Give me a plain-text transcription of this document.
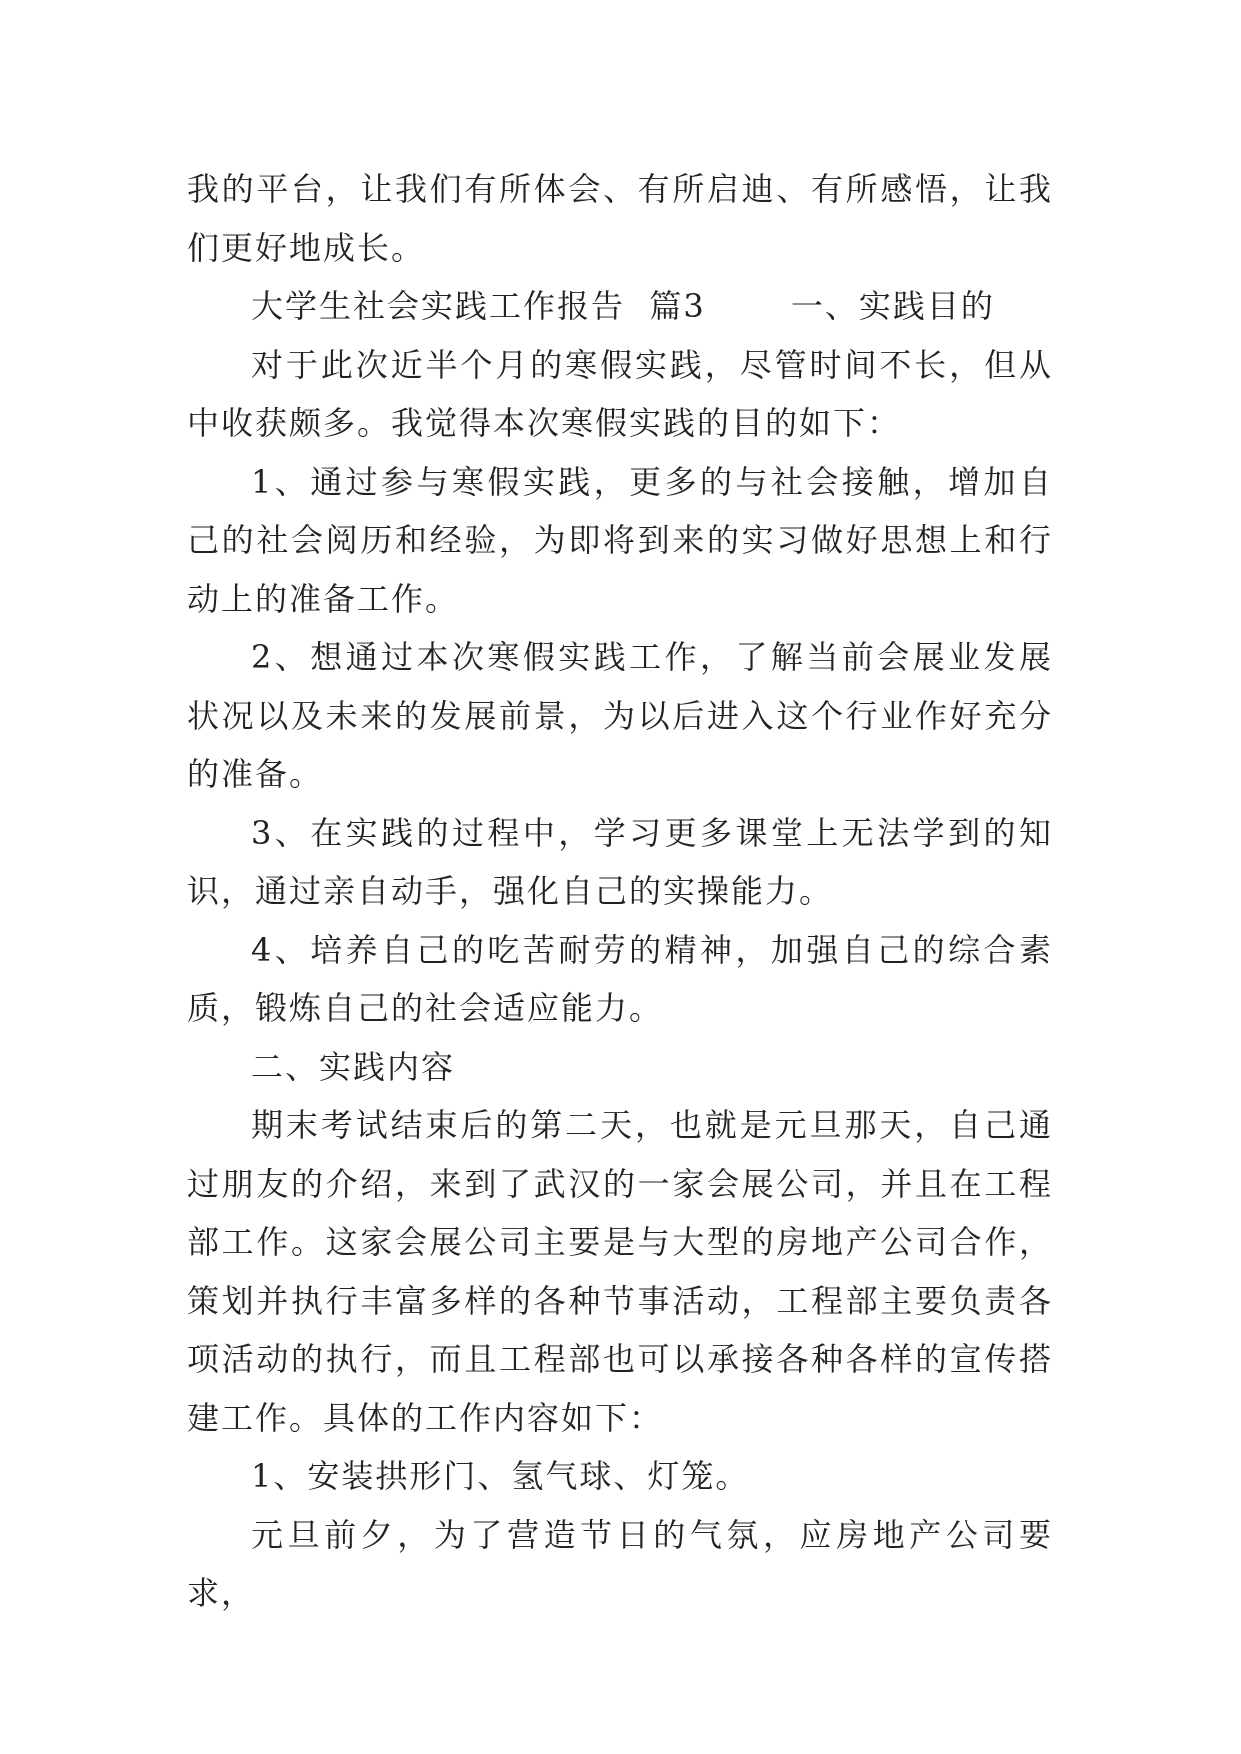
我的平台，让我们有所体会、有所启迪、有所感悟，让我们更好地成长。

大学生社会实践工作报告  篇3       一、实践目的

对于此次近半个月的寒假实践，尽管时间不长，但从中收获颇多。我觉得本次寒假实践的目的如下：

1、通过参与寒假实践，更多的与社会接触，增加自己的社会阅历和经验，为即将到来的实习做好思想上和行动上的准备工作。

2、想通过本次寒假实践工作，了解当前会展业发展状况以及未来的发展前景，为以后进入这个行业作好充分的准备。

3、在实践的过程中，学习更多课堂上无法学到的知识，通过亲自动手，强化自己的实操能力。

4、培养自己的吃苦耐劳的精神，加强自己的综合素质，锻炼自己的社会适应能力。

二、实践内容

期末考试结束后的第二天，也就是元旦那天，自己通过朋友的介绍，来到了武汉的一家会展公司，并且在工程部工作。这家会展公司主要是与大型的房地产公司合作，策划并执行丰富多样的各种节事活动，工程部主要负责各项活动的执行，而且工程部也可以承接各种各样的宣传搭建工作。具体的工作内容如下：

1、安装拱形门、氢气球、灯笼。

元旦前夕，为了营造节日的气氛，应房地产公司要求，
